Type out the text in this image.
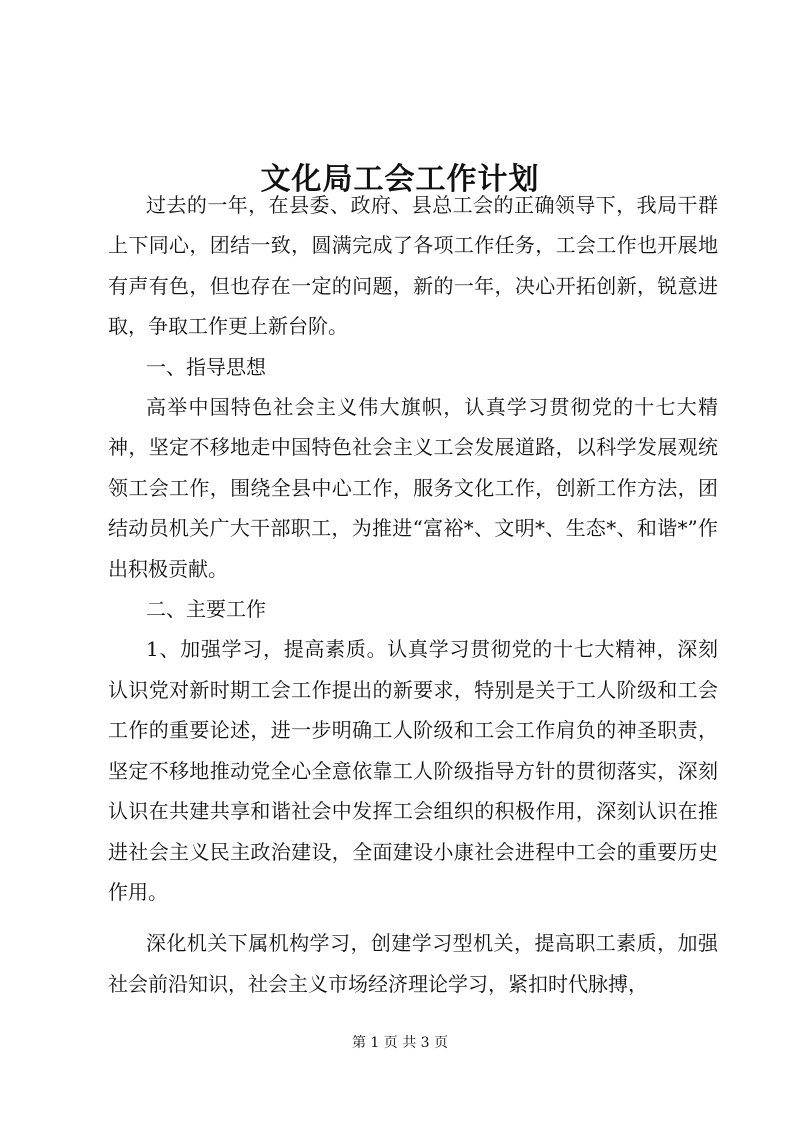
文化局工会工作计划

过去的一年，在县委、政府、县总工会的正确领导下，我局干群上下同心，团结一致，圆满完成了各项工作任务，工会工作也开展地有声有色，但也存在一定的问题，新的一年，决心开拓创新，锐意进取，争取工作更上新台阶。

一、指导思想

高举中国特色社会主义伟大旗帜，认真学习贯彻党的十七大精神，坚定不移地走中国特色社会主义工会发展道路，以科学发展观统领工会工作，围绕全县中心工作，服务文化工作，创新工作方法，团结动员机关广大干部职工，为推进“富裕*、文明*、生态*、和谐*”作出积极贡献。

二、主要工作

1、加强学习，提高素质。认真学习贯彻党的十七大精神，深刻认识党对新时期工会工作提出的新要求，特别是关于工人阶级和工会工作的重要论述，进一步明确工人阶级和工会工作肩负的神圣职责，坚定不移地推动党全心全意依靠工人阶级指导方针的贯彻落实，深刻认识在共建共享和谐社会中发挥工会组织的积极作用，深刻认识在推进社会主义民主政治建设，全面建设小康社会进程中工会的重要历史作用。

深化机关下属机构学习，创建学习型机关，提高职工素质，加强社会前沿知识，社会主义市场经济理论学习，紧扣时代脉搏，

第 1 页 共 3 页
